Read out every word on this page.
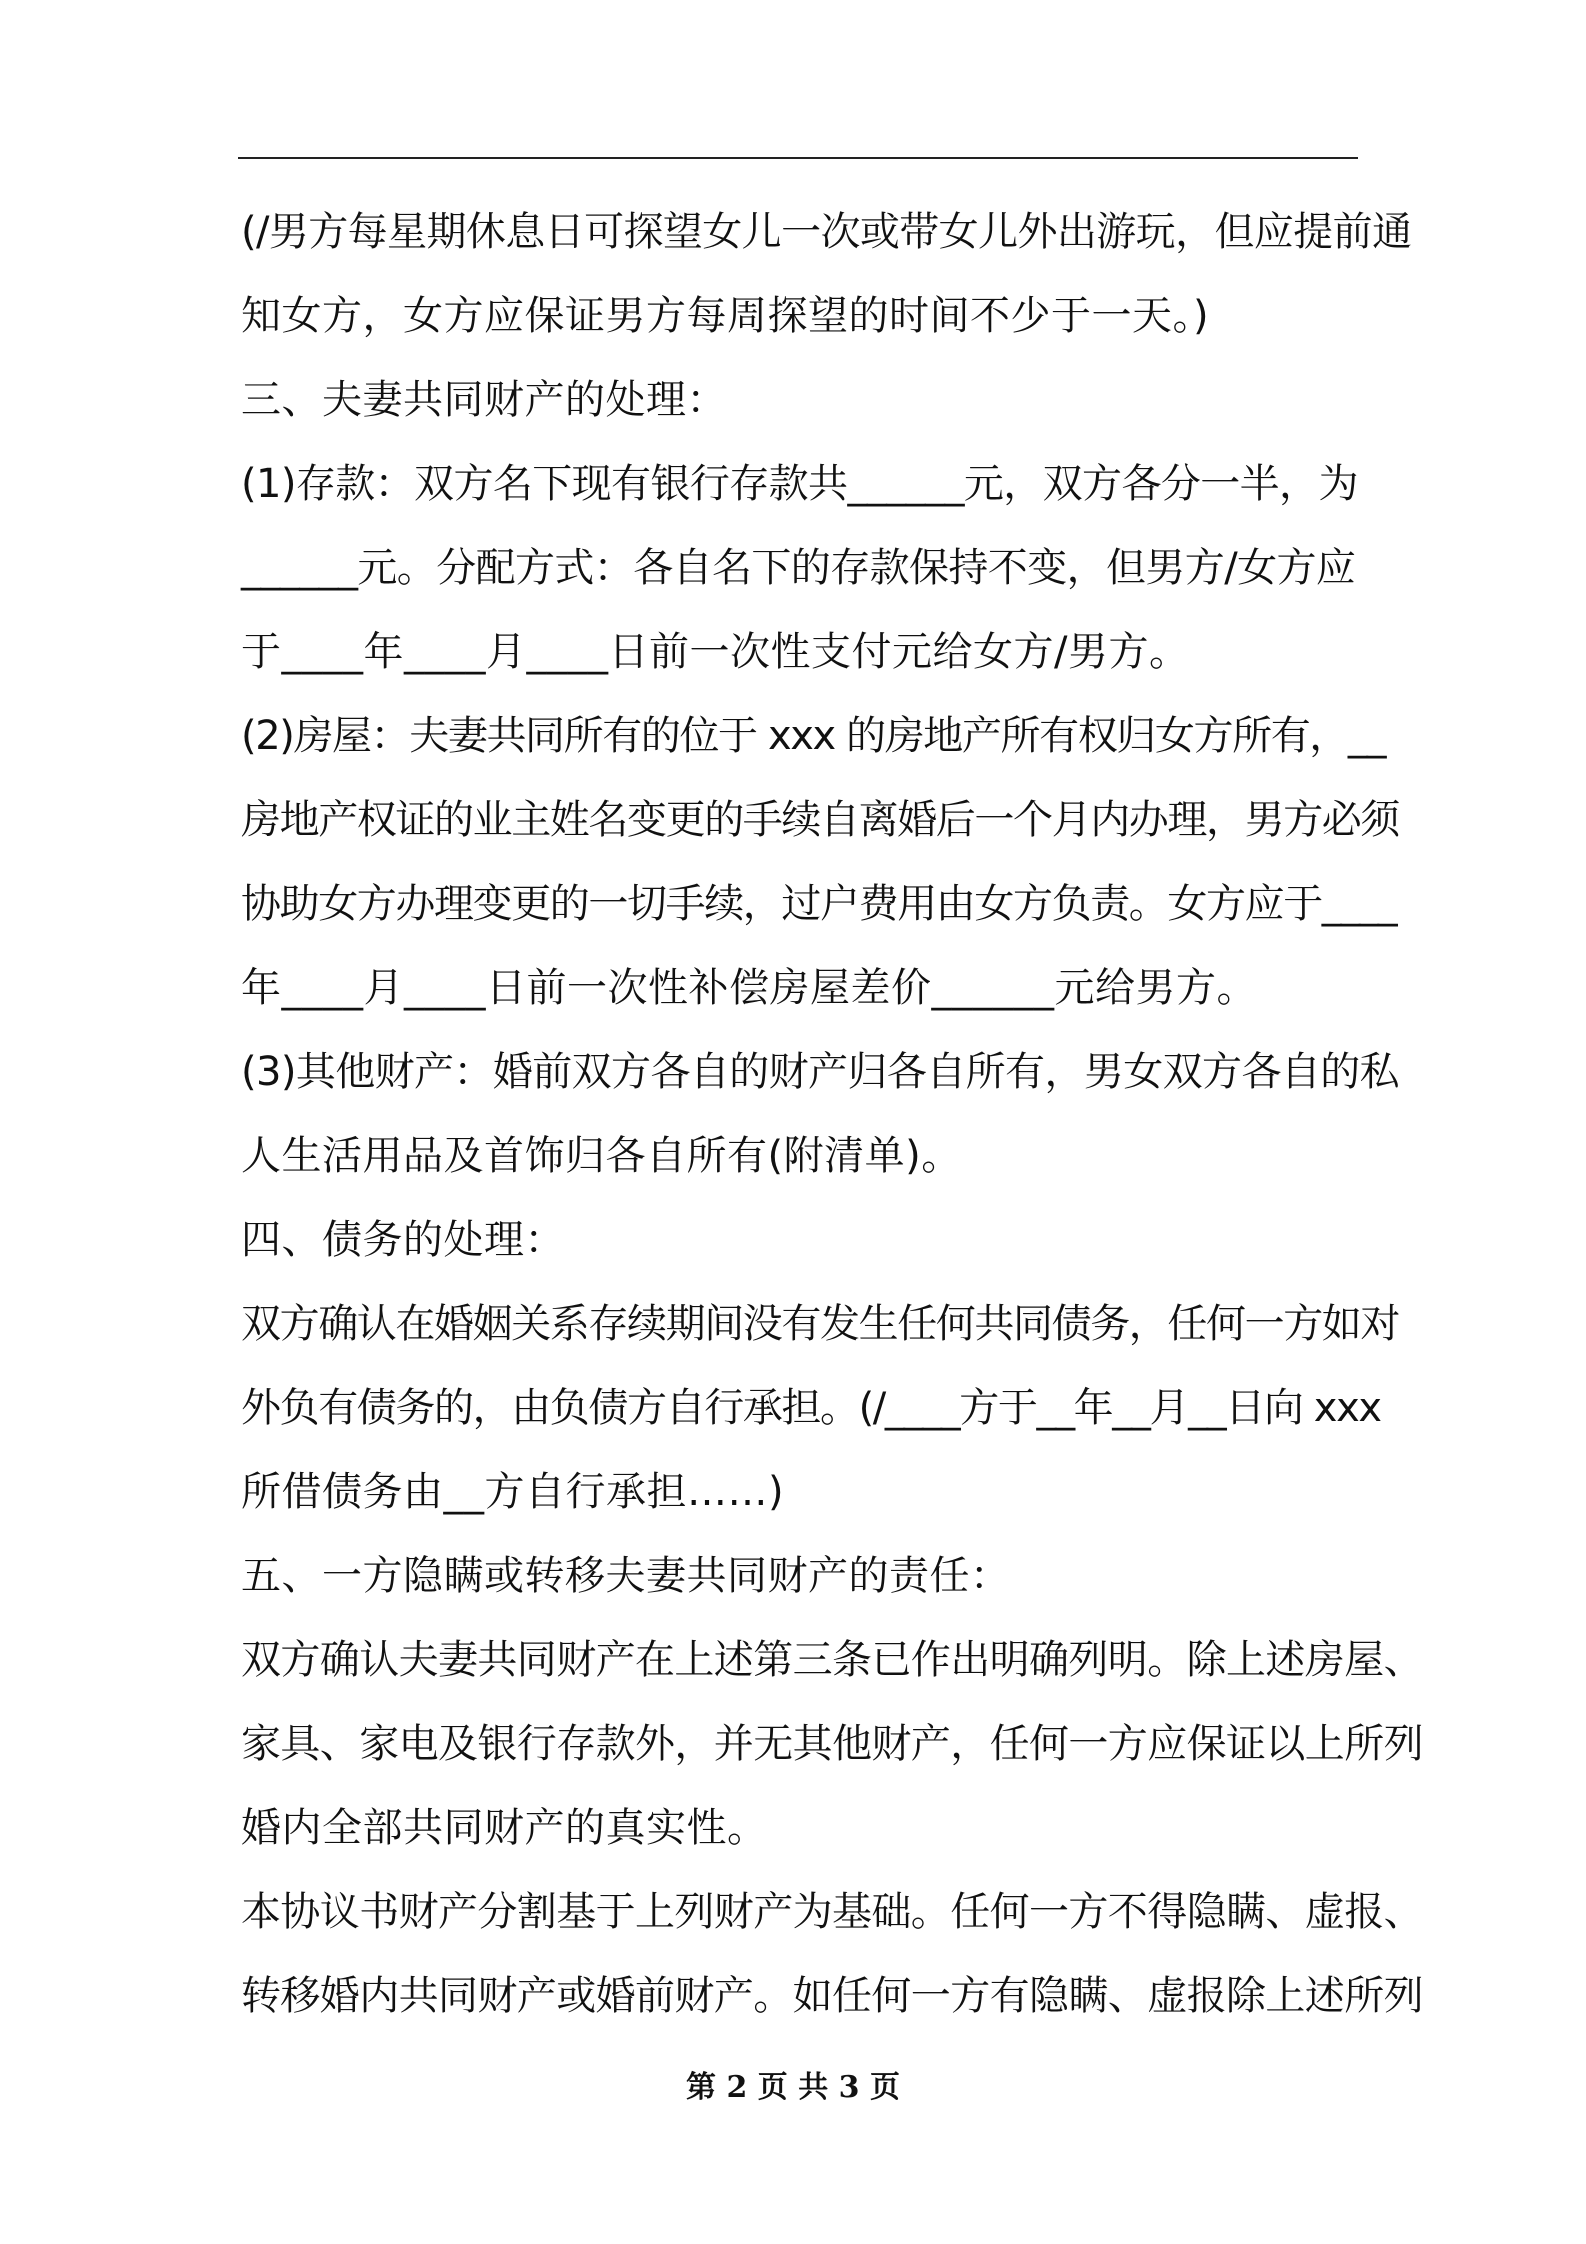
(/男方每星期休息日可探望女儿一次或带女儿外出游玩，但应提前通
知女方，女方应保证男方每周探望的时间不少于一天。)
三、夫妻共同财产的处理：
(1)存款：双方名下现有银行存款共______元，双方各分一半，为
______元。分配方式：各自名下的存款保持不变，但男方/女方应
于____年____月____日前一次性支付元给女方/男方。
(2)房屋：夫妻共同所有的位于 xxx 的房地产所有权归女方所有，__
房地产权证的业主姓名变更的手续自离婚后一个月内办理，男方必须
协助女方办理变更的一切手续，过户费用由女方负责。女方应于____
年____月____日前一次性补偿房屋差价______元给男方。
(3)其他财产：婚前双方各自的财产归各自所有，男女双方各自的私
人生活用品及首饰归各自所有(附清单)。
四、债务的处理：
双方确认在婚姻关系存续期间没有发生任何共同债务，任何一方如对
外负有债务的，由负债方自行承担。(/____方于__年__月__日向 xxx
所借债务由__方自行承担……)
五、一方隐瞒或转移夫妻共同财产的责任：
双方确认夫妻共同财产在上述第三条已作出明确列明。除上述房屋、
家具、家电及银行存款外，并无其他财产，任何一方应保证以上所列
婚内全部共同财产的真实性。
本协议书财产分割基于上列财产为基础。任何一方不得隐瞒、虚报、
转移婚内共同财产或婚前财产。如任何一方有隐瞒、虚报除上述所列
第 2 页 共 3 页
